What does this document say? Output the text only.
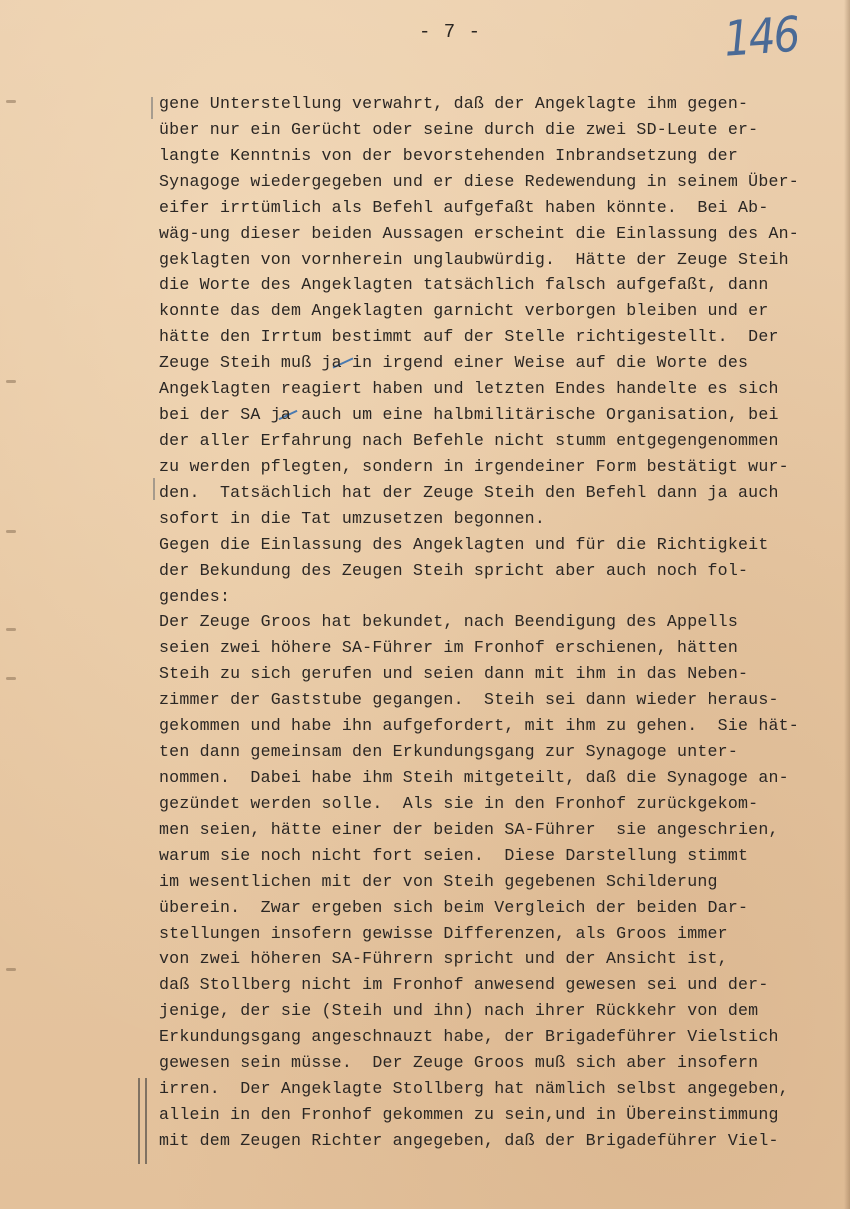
- 7 -	146
gene Unterstellung verwahrt, daß der Angeklagte ihm gegen-
über nur ein Gerücht oder seine durch die zwei SD-Leute er-
langte Kenntnis von der bevorstehenden Inbrandsetzung der
Synagoge wiedergegeben und er diese Redewendung in seinem Über-
eifer irrtümlich als Befehl aufgefaßt haben könnte.  Bei Ab-
wäg-ung dieser beiden Aussagen erscheint die Einlassung des An-
geklagten von vornherein unglaubwürdig.  Hätte der Zeuge Steih
die Worte des Angeklagten tatsächlich falsch aufgefaßt, dann
konnte das dem Angeklagten garnicht verborgen bleiben und er
hätte den Irrtum bestimmt auf der Stelle richtigestellt.  Der
Zeuge Steih muß ja in irgend einer Weise auf die Worte des
Angeklagten reagiert haben und letzten Endes handelte es sich
bei der SA ja auch um eine halbmilitärische Organisation, bei
der aller Erfahrung nach Befehle nicht stumm entgegengenommen
zu werden pflegten, sondern in irgendeiner Form bestätigt wur-
den.  Tatsächlich hat der Zeuge Steih den Befehl dann ja auch
sofort in die Tat umzusetzen begonnen.
Gegen die Einlassung des Angeklagten und für die Richtigkeit
der Bekundung des Zeugen Steih spricht aber auch noch fol-
gendes:
Der Zeuge Groos hat bekundet, nach Beendigung des Appells
seien zwei höhere SA-Führer im Fronhof erschienen, hätten
Steih zu sich gerufen und seien dann mit ihm in das Neben-
zimmer der Gaststube gegangen.  Steih sei dann wieder heraus-
gekommen und habe ihn aufgefordert, mit ihm zu gehen.  Sie hät-
ten dann gemeinsam den Erkundungsgang zur Synagoge unter-
nommen.  Dabei habe ihm Steih mitgeteilt, daß die Synagoge an-
gezündet werden solle.  Als sie in den Fronhof zurückgekom-
men seien, hätte einer der beiden SA-Führer  sie angeschrien,
warum sie noch nicht fort seien.  Diese Darstellung stimmt
im wesentlichen mit der von Steih gegebenen Schilderung
überein.  Zwar ergeben sich beim Vergleich der beiden Dar-
stellungen insofern gewisse Differenzen, als Groos immer
von zwei höheren SA-Führern spricht und der Ansicht ist,
daß Stollberg nicht im Fronhof anwesend gewesen sei und der-
jenige, der sie (Steih und ihn) nach ihrer Rückkehr von dem
Erkundungsgang angeschnauzt habe, der Brigadeführer Vielstich
gewesen sein müsse.  Der Zeuge Groos muß sich aber insofern
irren.  Der Angeklagte Stollberg hat nämlich selbst angegeben,
allein in den Fronhof gekommen zu sein,und in Übereinstimmung
mit dem Zeugen Richter angegeben, daß der Brigadeführer Viel-
